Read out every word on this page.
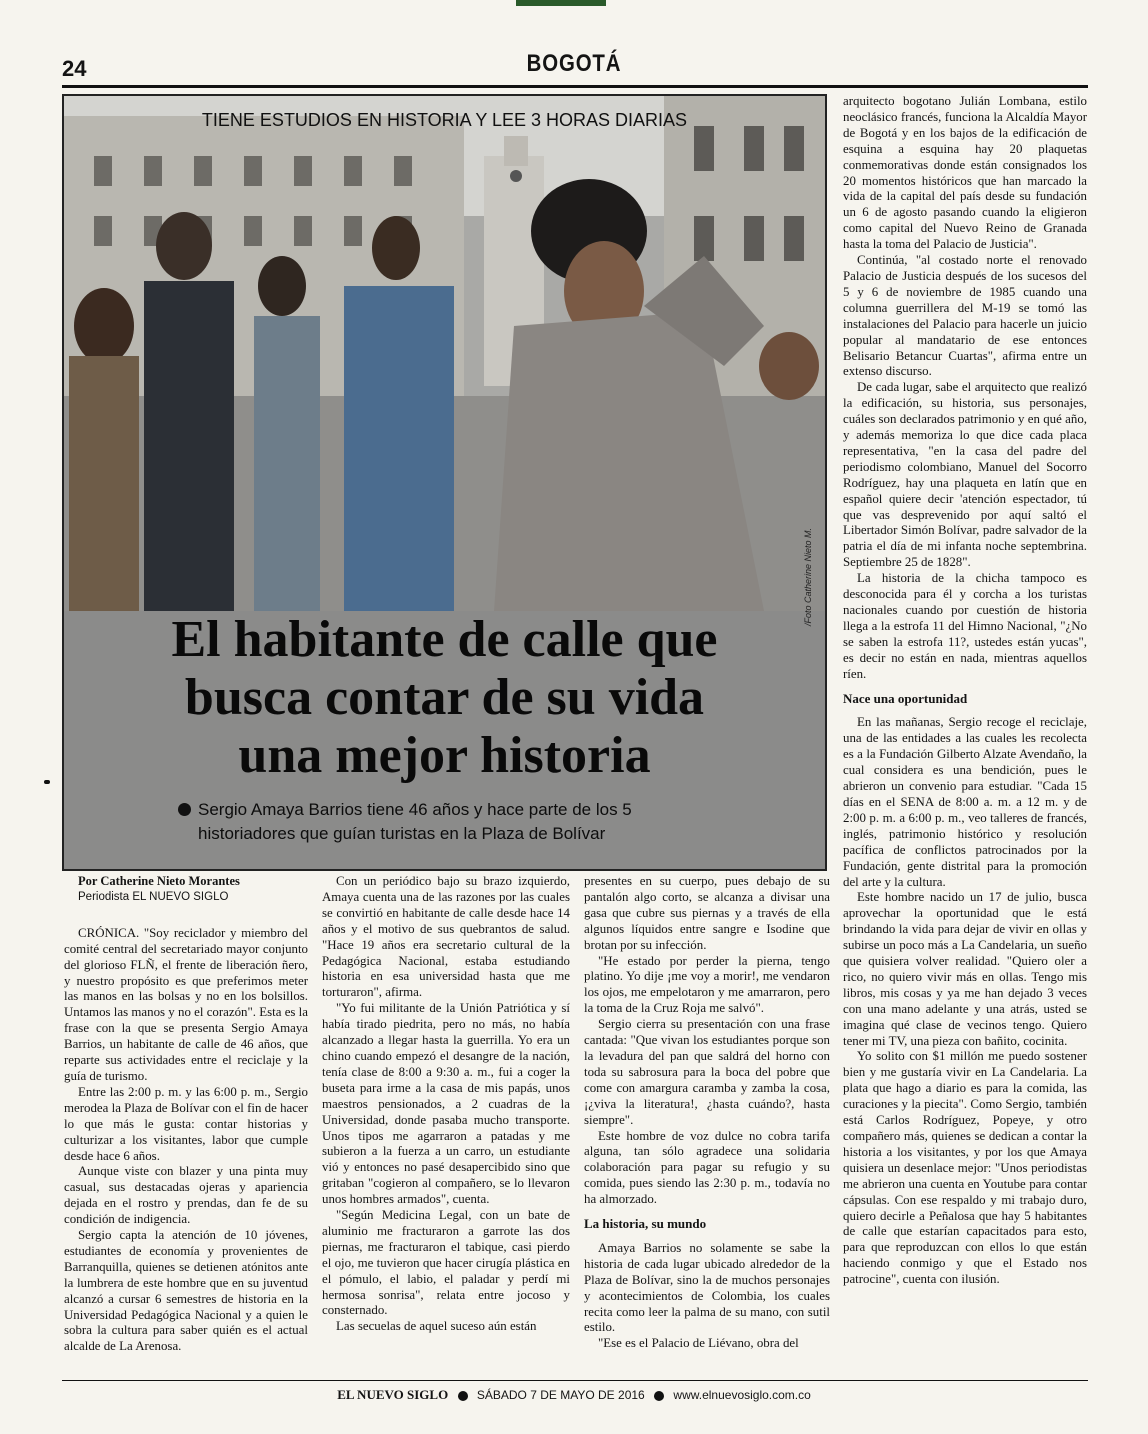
24	BOGOTÁ
TIENE ESTUDIOS EN HISTORIA Y LEE 3 HORAS DIARIAS
/Foto Catherine Nieto M.
El habitante de calle que
busca contar de su vida
una mejor historia
Sergio Amaya Barrios tiene 46 años y hace parte de los 5
historiadores que guían turistas en la Plaza de Bolívar

Por Catherine Nieto Morantes

Periodista EL NUEVO SIGLO

CRÓNICA. "Soy reciclador y miembro del comité central del secretariado mayor conjunto del glorioso FLÑ, el frente de liberación ñero, y nuestro propósito es que preferimos meter las manos en las bolsas y no en los bolsillos. Untamos las manos y no el corazón". Esta es la frase con la que se presenta Sergio Amaya Barrios, un habitante de calle de 46 años, que reparte sus actividades entre el reciclaje y la guía de turismo.

Entre las 2:00 p. m. y las 6:00 p. m., Sergio merodea la Plaza de Bolívar con el fin de hacer lo que más le gusta: contar historias y culturizar a los visitantes, labor que cumple desde hace 6 años.

Aunque viste con blazer y una pinta muy casual, sus destacadas ojeras y apariencia dejada en el rostro y prendas, dan fe de su condición de indigencia.

Sergio capta la atención de 10 jóvenes, estudiantes de economía y provenientes de Barranquilla, quienes se detienen atónitos ante la lumbrera de este hombre que en su juventud alcanzó a cursar 6 semestres de historia en la Universidad Pedagógica Nacional y a quien le sobra la cultura para saber quién es el actual alcalde de La Arenosa.

Con un periódico bajo su brazo izquierdo, Amaya cuenta una de las razones por las cuales se convirtió en habitante de calle desde hace 14 años y el motivo de sus quebrantos de salud. "Hace 19 años era secretario cultural de la Pedagógica Nacional, estaba estudiando historia en esa universidad hasta que me torturaron", afirma.

"Yo fui militante de la Unión Patriótica y sí había tirado piedrita, pero no más, no había alcanzado a llegar hasta la guerrilla. Yo era un chino cuando empezó el desangre de la nación, tenía clase de 8:00 a 9:30 a. m., fui a coger la buseta para irme a la casa de mis papás, unos maestros pensionados, a 2 cuadras de la Universidad, donde pasaba mucho transporte. Unos tipos me agarraron a patadas y me subieron a la fuerza a un carro, un estudiante vió y entonces no pasé desapercibido sino que gritaban "cogieron al compañero, se lo llevaron unos hombres armados", cuenta.

"Según Medicina Legal, con un bate de aluminio me fracturaron a garrote las dos piernas, me fracturaron el tabique, casi pierdo el ojo, me tuvieron que hacer cirugía plástica en el pómulo, el labio, el paladar y perdí mi hermosa sonrisa", relata entre jocoso y consternado.

Las secuelas de aquel suceso aún están

presentes en su cuerpo, pues debajo de su pantalón algo corto, se alcanza a divisar una gasa que cubre sus piernas y a través de ella algunos líquidos entre sangre e Isodine que brotan por su infección.

"He estado por perder la pierna, tengo platino. Yo dije ¡me voy a morir!, me vendaron los ojos, me empelotaron y me amarraron, pero la toma de la Cruz Roja me salvó".

Sergio cierra su presentación con una frase cantada: "Que vivan los estudiantes porque son la levadura del pan que saldrá del horno con toda su sabrosura para la boca del pobre que come con amargura caramba y zamba la cosa, ¡¿viva la literatura!, ¿hasta cuándo?, hasta siempre".

Este hombre de voz dulce no cobra tarifa alguna, tan sólo agradece una solidaria colaboración para pagar su refugio y su comida, pues siendo las 2:30 p. m., todavía no ha almorzado.

La historia, su mundo

Amaya Barrios no solamente se sabe la historia de cada lugar ubicado alrededor de la Plaza de Bolívar, sino la de muchos personajes y acontecimientos de Colombia, los cuales recita como leer la palma de su mano, con sutil estilo.

"Ese es el Palacio de Liévano, obra del

arquitecto bogotano Julián Lombana, estilo neoclásico francés, funciona la Alcaldía Mayor de Bogotá y en los bajos de la edificación de esquina a esquina hay 20 plaquetas conmemorativas donde están consignados los 20 momentos históricos que han marcado la vida de la capital del país desde su fundación un 6 de agosto pasando cuando la eligieron como capital del Nuevo Reino de Granada hasta la toma del Palacio de Justicia".

Continúa, "al costado norte el renovado Palacio de Justicia después de los sucesos del 5 y 6 de noviembre de 1985 cuando una columna guerrillera del M-19 se tomó las instalaciones del Palacio para hacerle un juicio popular al mandatario de ese entonces Belisario Betancur Cuartas", afirma entre un extenso discurso.

De cada lugar, sabe el arquitecto que realizó la edificación, su historia, sus personajes, cuáles son declarados patrimonio y en qué año, y además memoriza lo que dice cada placa representativa, "en la casa del padre del periodismo colombiano, Manuel del Socorro Rodríguez, hay una plaqueta en latín que en español quiere decir 'atención espectador, tú que vas desprevenido por aquí saltó el Libertador Simón Bolívar, padre salvador de la patria el día de mi infanta noche septembrina. Septiembre 25 de 1828".

La historia de la chicha tampoco es desconocida para él y corcha a los turistas nacionales cuando por cuestión de historia llega a la estrofa 11 del Himno Nacional, "¿No se saben la estrofa 11?, ustedes están yucas", es decir no están en nada, mientras aquellos ríen.

Nace una oportunidad

En las mañanas, Sergio recoge el reciclaje, una de las entidades a las cuales les recolecta es a la Fundación Gilberto Alzate Avendaño, la cual considera es una bendición, pues le abrieron un convenio para estudiar. "Cada 15 días en el SENA de 8:00 a. m. a 12 m. y de 2:00 p. m. a 6:00 p. m., veo talleres de francés, inglés, patrimonio histórico y resolución pacífica de conflictos patrocinados por la Fundación, gente distrital para la promoción del arte y la cultura.

Este hombre nacido un 17 de julio, busca aprovechar la oportunidad que le está brindando la vida para dejar de vivir en ollas y subirse un poco más a La Candelaria, un sueño que quisiera volver realidad. "Quiero oler a rico, no quiero vivir más en ollas. Tengo mis libros, mis cosas y ya me han dejado 3 veces con una mano adelante y una atrás, usted se imagina qué clase de vecinos tengo. Quiero tener mi TV, una pieza con bañito, cocinita.

Yo solito con $1 millón me puedo sostener bien y me gustaría vivir en La Candelaria. La plata que hago a diario es para la comida, las curaciones y la piecita". Como Sergio, también está Carlos Rodríguez, Popeye, y otro compañero más, quienes se dedican a contar la historia a los visitantes, y por los que Amaya quisiera un desenlace mejor: "Unos periodistas me abrieron una cuenta en Youtube para contar cápsulas. Con ese respaldo y mi trabajo duro, quiero decirle a Peñalosa que hay 5 habitantes de calle que estarían capacitados para esto, para que reproduzcan con ellos lo que están haciendo conmigo y que el Estado nos patrocine", cuenta con ilusión.

EL NUEVO SIGLO SÁBADO 7 DE MAYO DE 2016 www.elnuevosiglo.com.co
